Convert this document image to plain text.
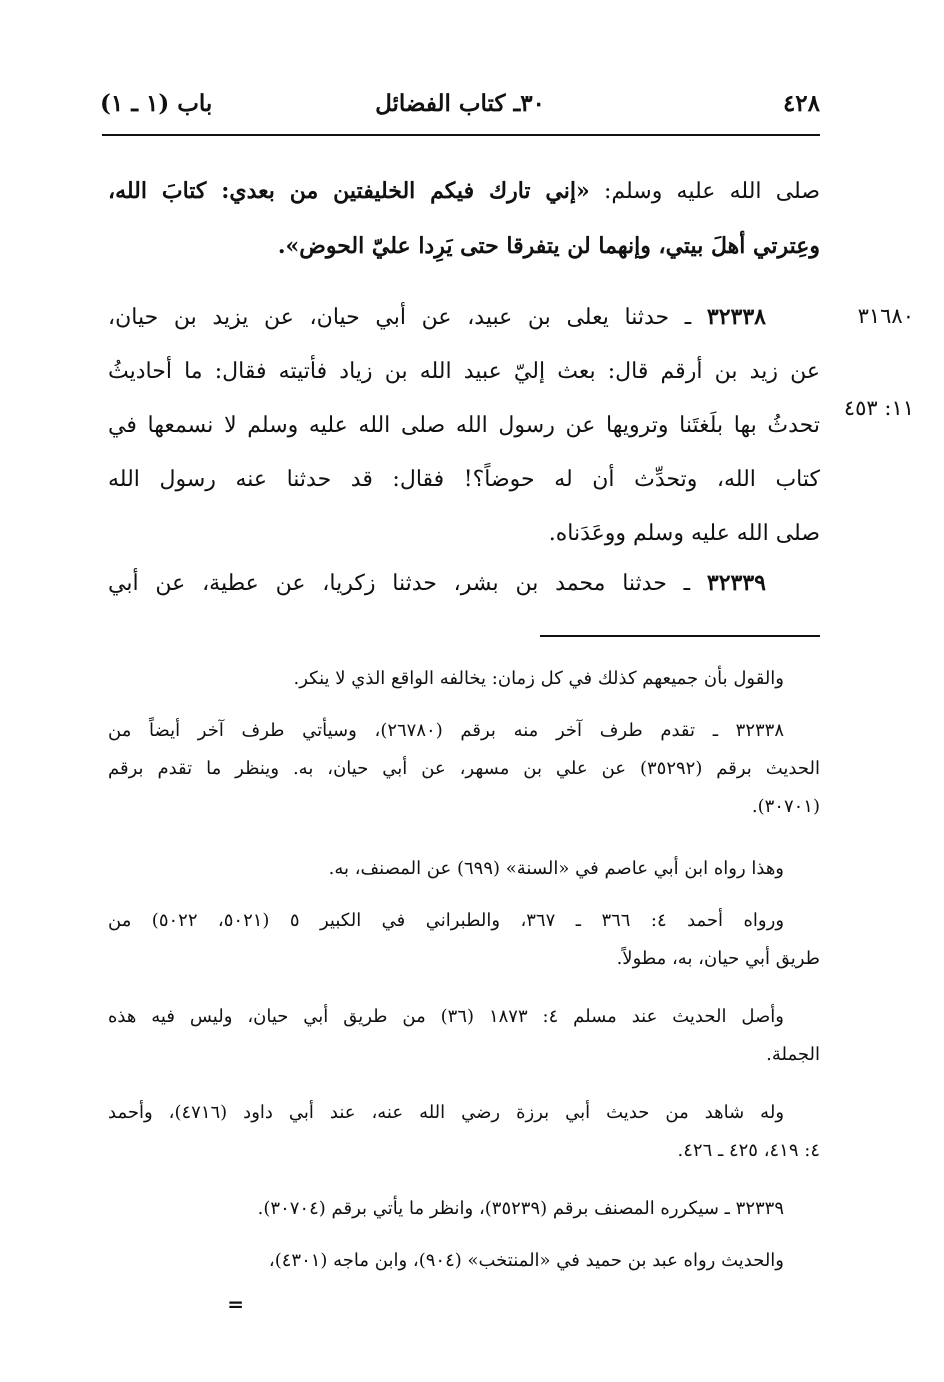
٤٢٨
٣٠ـ كتاب الفضائل
باب (١ ـ ١)
صلى الله عليه وسلم: «إني تارك فيكم الخليفتين من بعدي: كتابَ الله،
وعِترتي أهلَ بيتي، وإنهما لن يتفرقا حتى يَرِدا عليّ الحوض».
٣١٦٨٠
١١: ٤٥٣
٣٢٣٣٨ ـ حدثنا يعلى بن عبيد، عن أبي حيان، عن يزيد بن حيان،
عن زيد بن أرقم قال: بعث إليّ عبيد الله بن زياد فأتيته فقال: ما أحاديثُ
تحدثُ بها بلَغتَنا وترويها عن رسول الله صلى الله عليه وسلم لا نسمعها في
كتاب الله، وتحدِّث أن له حوضاً؟! فقال: قد حدثنا عنه رسول الله
صلى الله عليه وسلم ووعَدَناه.
٣٢٣٣٩ ـ حدثنا محمد بن بشر، حدثنا زكريا، عن عطية، عن أبي
والقول بأن جميعهم كذلك في كل زمان: يخالفه الواقع الذي لا ينكر.
٣٢٣٣٨ ـ تقدم طرف آخر منه برقم (٢٦٧٨٠)، وسيأتي طرف آخر أيضاً من
الحديث برقم (٣٥٢٩٢) عن علي بن مسهر، عن أبي حيان، به. وينظر ما تقدم برقم
(٣٠٧٠١).
وهذا رواه ابن أبي عاصم في «السنة» (٦٩٩) عن المصنف، به.
ورواه أحمد ٤: ٣٦٦ ـ ٣٦٧، والطبراني في الكبير ٥ (٥٠٢١، ٥٠٢٢) من
طريق أبي حيان، به، مطولاً.
وأصل الحديث عند مسلم ٤: ١٨٧٣ (٣٦) من طريق أبي حيان، وليس فيه هذه
الجملة.
وله شاهد من حديث أبي برزة رضي الله عنه، عند أبي داود (٤٧١٦)، وأحمد
٤: ٤١٩، ٤٢٥ ـ ٤٢٦.
٣٢٣٣٩ ـ سيكرره المصنف برقم (٣٥٢٣٩)، وانظر ما يأتي برقم (٣٠٧٠٤).
والحديث رواه عبد بن حميد في «المنتخب» (٩٠٤)، وابن ماجه (٤٣٠١)،
=
